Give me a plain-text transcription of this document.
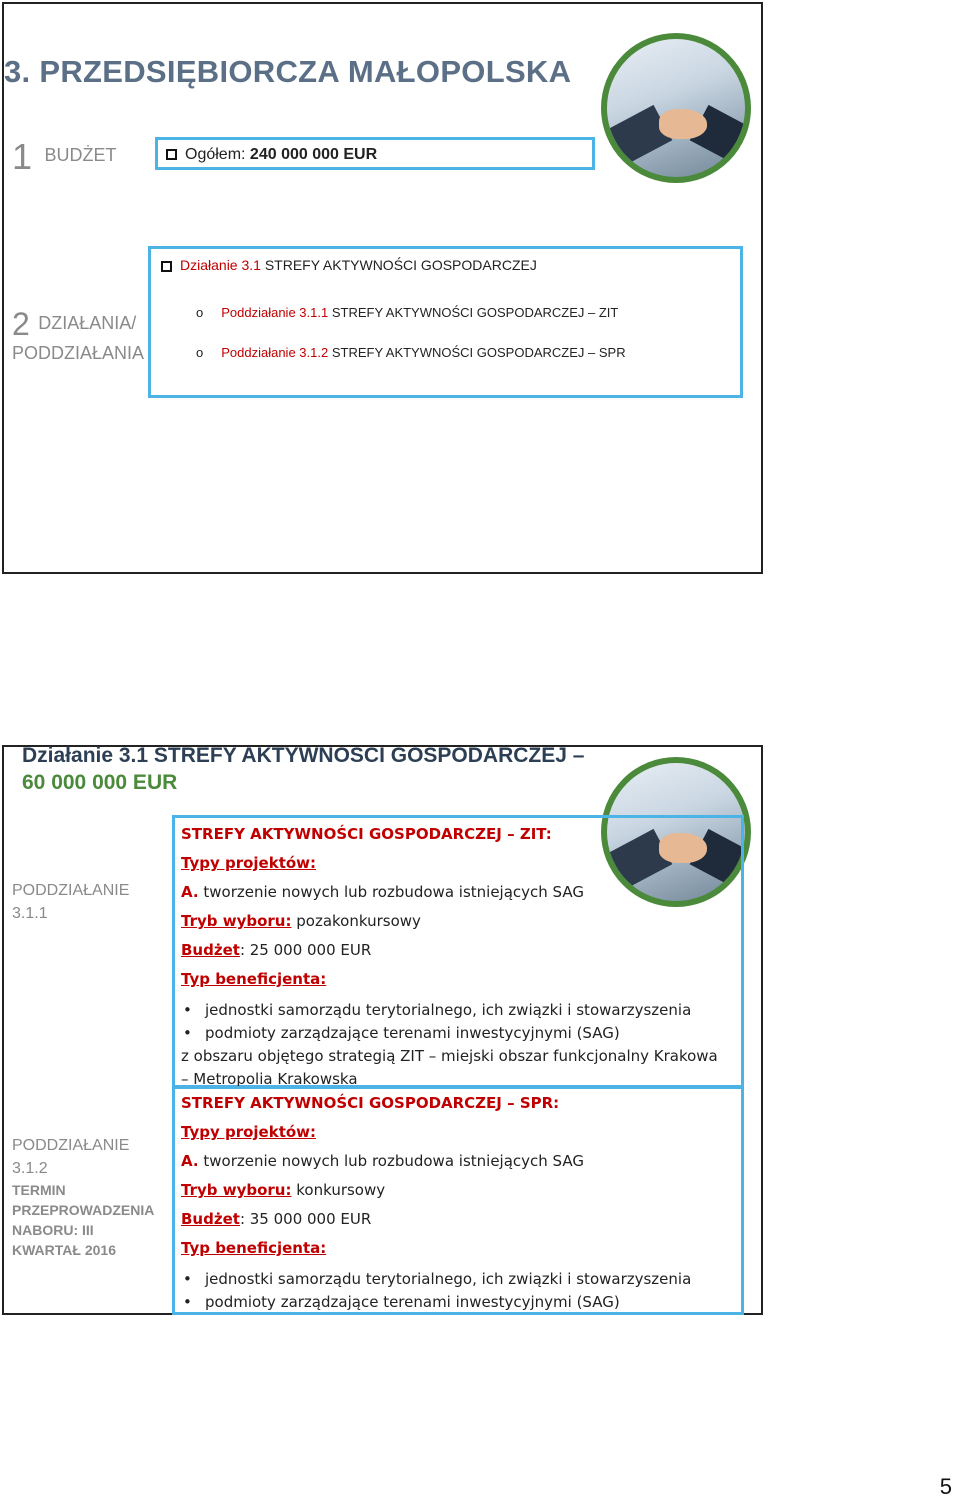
3. PRZEDSIĘBIORCZA MAŁOPOLSKA
1 BUDŻET	Ogółem: 240 000 000 EUR
2 DZIAŁANIA/
PODDZIAŁANIA
Działanie 3.1 STREFY AKTYWNOŚCI GOSPODARCZEJ
o Poddziałanie 3.1.1 STREFY AKTYWNOŚCI GOSPODARCZEJ – ZIT
o Poddziałanie 3.1.2 STREFY AKTYWNOŚCI GOSPODARCZEJ – SPR
Działanie 3.1 STREFY AKTYWNOSCI GOSPODARCZEJ –
60 000 000 EUR
PODDZIAŁANIE
3.1.1
PODDZIAŁANIE
3.1.2
TERMIN
PRZEPROWADZENIA
NABORU: III
KWARTAŁ 2016
STREFY AKTYWNOŚCI GOSPODARCZEJ – ZIT:
Typy projektów:
A. tworzenie nowych lub rozbudowa istniejących SAG
Tryb wyboru: pozakonkursowy
Budżet: 25 000 000 EUR
Typ beneficjenta:
• jednostki samorządu terytorialnego, ich związki i stowarzyszenia
• podmioty zarządzające terenami inwestycyjnymi (SAG)
z obszaru objętego strategią ZIT – miejski obszar funkcjonalny Krakowa
– Metropolia Krakowska
STREFY AKTYWNOŚCI GOSPODARCZEJ – SPR:
Typy projektów:
A. tworzenie nowych lub rozbudowa istniejących SAG
Tryb wyboru: konkursowy
Budżet: 35 000 000 EUR
Typ beneficjenta:
• jednostki samorządu terytorialnego, ich związki i stowarzyszenia
• podmioty zarządzające terenami inwestycyjnymi (SAG)
5
